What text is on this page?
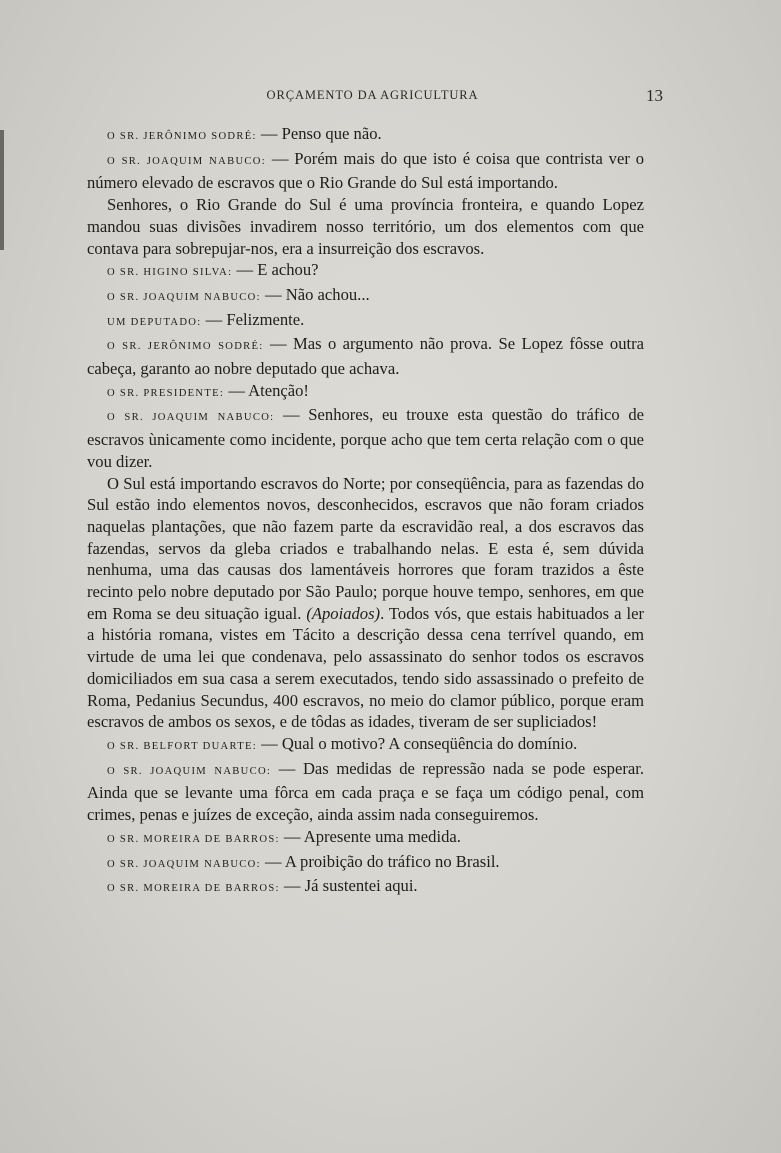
ORÇAMENTO DA AGRICULTURA	13

O SR. JERÔNIMO SODRÉ: — Penso que não.

O SR. JOAQUIM NABUCO: — Porém mais do que isto é coisa que contrista ver o número elevado de escravos que o Rio Grande do Sul está importando.

Senhores, o Rio Grande do Sul é uma província fronteira, e quando Lopez mandou suas divisões invadirem nosso território, um dos elementos com que contava para sobrepujar-nos, era a insurreição dos escravos.

O SR. HIGINO SILVA: — E achou?

O SR. JOAQUIM NABUCO: — Não achou...

UM DEPUTADO: — Felizmente.

O SR. JERÔNIMO SODRÉ: — Mas o argumento não prova. Se Lopez fôsse outra cabeça, garanto ao nobre deputado que achava.

O SR. PRESIDENTE: — Atenção!

O SR. JOAQUIM NABUCO: — Senhores, eu trouxe esta questão do tráfico de escravos ùnicamente como incidente, porque acho que tem certa relação com o que vou dizer.

O Sul está importando escravos do Norte; por conseqüência, para as fazendas do Sul estão indo elementos novos, desconhecidos, escravos que não foram criados naquelas plantações, que não fazem parte da escravidão real, a dos escravos das fazendas, servos da gleba criados e trabalhando nelas. E esta é, sem dúvida nenhuma, uma das causas dos lamentáveis horrores que foram trazidos a êste recinto pelo nobre deputado por São Paulo; porque houve tempo, senhores, em que em Roma se deu situação igual. (Apoiados). Todos vós, que estais habituados a ler a história romana, vistes em Tácito a descrição dessa cena terrível quando, em virtude de uma lei que condenava, pelo assassinato do senhor todos os escravos domiciliados em sua casa a serem executados, tendo sido assassinado o prefeito de Roma, Pedanius Secundus, 400 escravos, no meio do clamor público, porque eram escravos de ambos os sexos, e de tôdas as idades, tiveram de ser supliciados!

O SR. BELFORT DUARTE: — Qual o motivo? A conseqüência do domínio.

O SR. JOAQUIM NABUCO: — Das medidas de repressão nada se pode esperar. Ainda que se levante uma fôrca em cada praça e se faça um código penal, com crimes, penas e juízes de exceção, ainda assim nada conseguiremos.

O SR. MOREIRA DE BARROS: — Apresente uma medida.

O SR. JOAQUIM NABUCO: — A proibição do tráfico no Brasil.

O SR. MOREIRA DE BARROS: — Já sustentei aqui.
